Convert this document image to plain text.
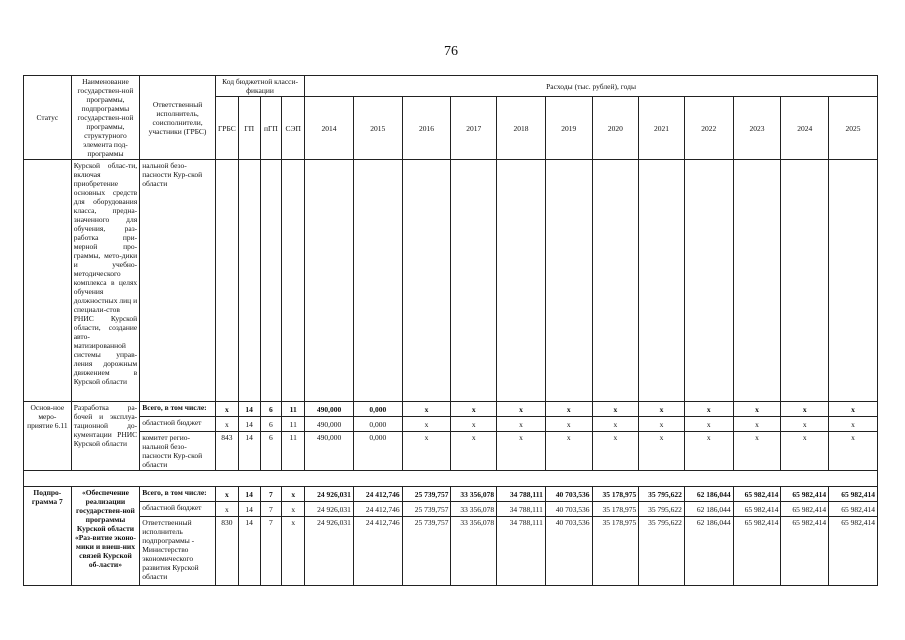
76
Статус	Наименование государствен-ной программы, подпрограммы государствен-ной программы, структурного элемента под-программы	Ответственный исполнитель, соисполнители, участники (ГРБС)	Код бюджетной класси-фикации				Расходы (тыс. рублей), годы											
			ГРБС	ГП	пГП	СЭП	2014	2015	2016	2017	2018	2019	2020	2021	2022	2023	2024	2025
	Курской облас-ти, включая приобретение основных средств для оборудования класса, предна-значенного для обучения, раз-работка при-мерной про-граммы, мето-дики и учебно-методического комплекса в целях обучения должностных лиц и специали-стов РНИС Курской области, создание авто-матизированной системы управ-ления дорожным движением в Курской области	нальной безо-пасности Кур-ской области																
Основ-ное меро-приятие 6.11	Разработка ра-бочей и эксплуа-тационной до-кументации РНИС Курской области	Всего, в том числе:	х	14	6	11	490,000	0,000	х	х	х	х	х	х	х	х	х	х
		областной бюджет	х	14	6	11	490,000	0,000	х	х	х	х	х	х	х	х	х	х
		комитет регио-нальной безо-пасности Кур-ской области	843	14	6	11	490,000	0,000	х	х	х	х	х	х	х	х	х	х

Подпро-грамма 7	«Обеспечение реализации государствен-ной программы Курской области «Раз-витие эконо-мики и внеш-них связей Курской об-ласти»	Всего, в том числе:	х	14	7	х	24 926,031	24 412,746	25 739,757	33 356,078	34 788,111	40 703,536	35 178,975	35 795,622	62 186,044	65 982,414	65 982,414	65 982,414
		областной бюджет	х	14	7	х	24 926,031	24 412,746	25 739,757	33 356,078	34 788,111	40 703,536	35 178,975	35 795,622	62 186,044	65 982,414	65 982,414	65 982,414
		Ответственный исполнитель подпрограммы - Министерство экономического развития Курской области	830	14	7	х	24 926,031	24 412,746	25 739,757	33 356,078	34 788,111	40 703,536	35 178,975	35 795,622	62 186,044	65 982,414	65 982,414	65 982,414
